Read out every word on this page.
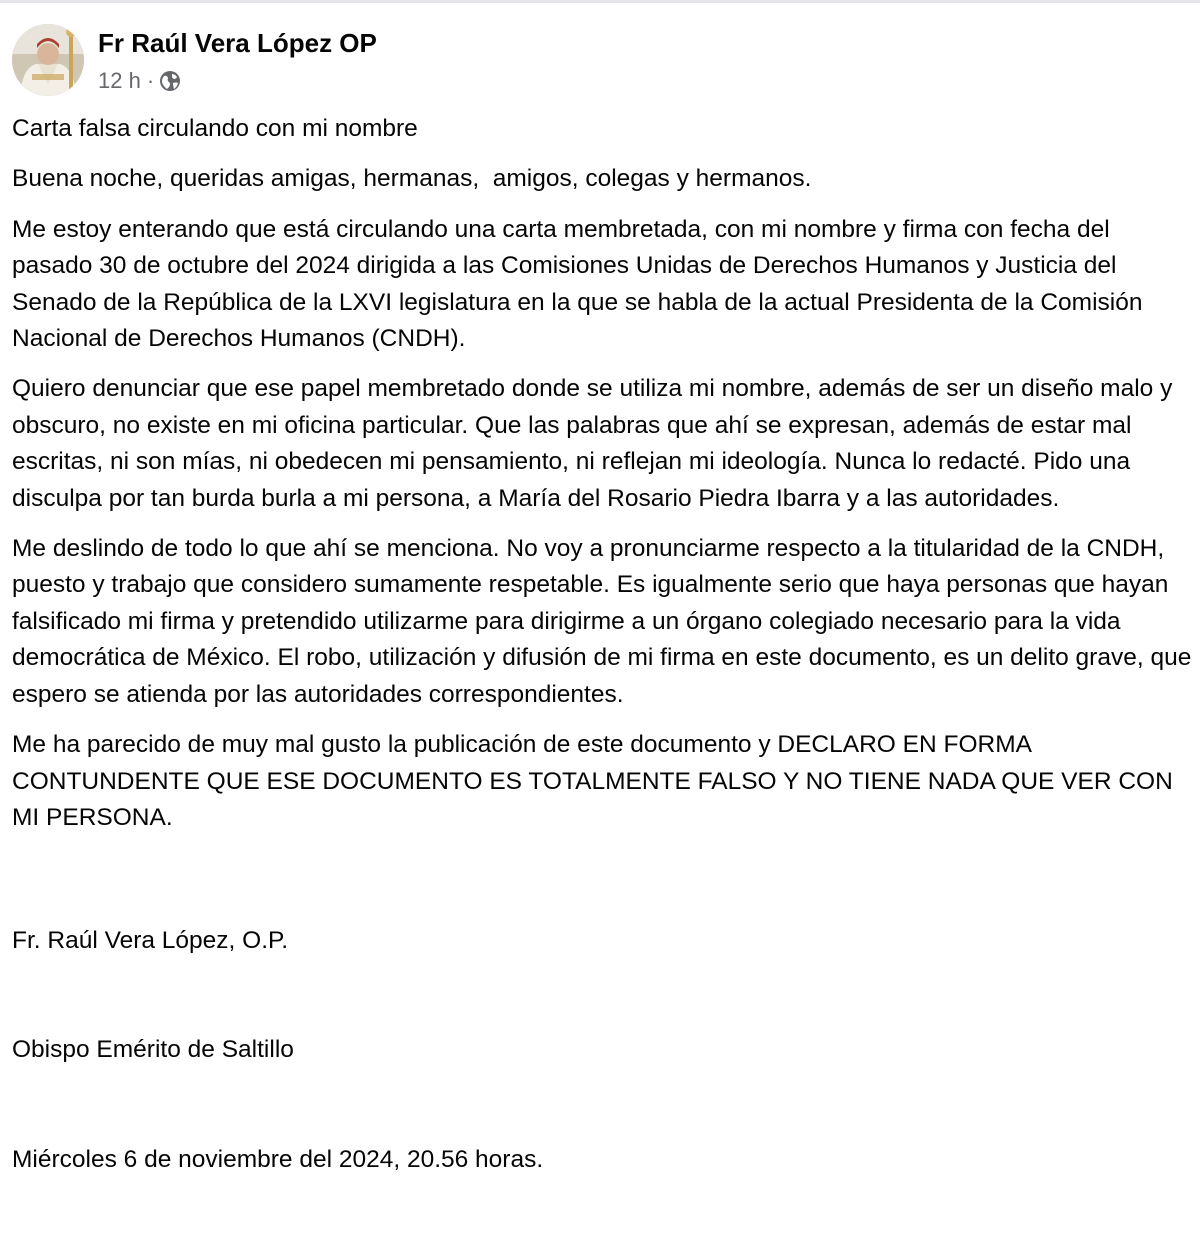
Fr Raúl Vera López OP
12 h ·

Carta falsa circulando con mi nombre

Buena noche, queridas amigas, hermanas,  amigos, colegas y hermanos.

Me estoy enterando que está circulando una carta membretada, con mi nombre y firma con fecha del pasado 30 de octubre del 2024 dirigida a las Comisiones Unidas de Derechos Humanos y Justicia del Senado de la República de la LXVI legislatura en la que se habla de la actual Presidenta de la Comisión Nacional de Derechos Humanos (CNDH).

Quiero denunciar que ese papel membretado donde se utiliza mi nombre, además de ser un diseño malo y obscuro, no existe en mi oficina particular. Que las palabras que ahí se expresan, además de estar mal escritas, ni son mías, ni obedecen mi pensamiento, ni reflejan mi ideología. Nunca lo redacté. Pido una disculpa por tan burda burla a mi persona, a María del Rosario Piedra Ibarra y a las autoridades.

Me deslindo de todo lo que ahí se menciona. No voy a pronunciarme respecto a la titularidad de la CNDH, puesto y trabajo que considero sumamente respetable. Es igualmente serio que haya personas que hayan falsificado mi firma y pretendido utilizarme para dirigirme a un órgano colegiado necesario para la vida democrática de México. El robo, utilización y difusión de mi firma en este documento, es un delito grave, que espero se atienda por las autoridades correspondientes.

Me ha parecido de muy mal gusto la publicación de este documento y DECLARO EN FORMA CONTUNDENTE QUE ESE DOCUMENTO ES TOTALMENTE FALSO Y NO TIENE NADA QUE VER CON MI PERSONA.

Fr. Raúl Vera López, O.P.

Obispo Emérito de Saltillo

Miércoles 6 de noviembre del 2024, 20.56 horas.
